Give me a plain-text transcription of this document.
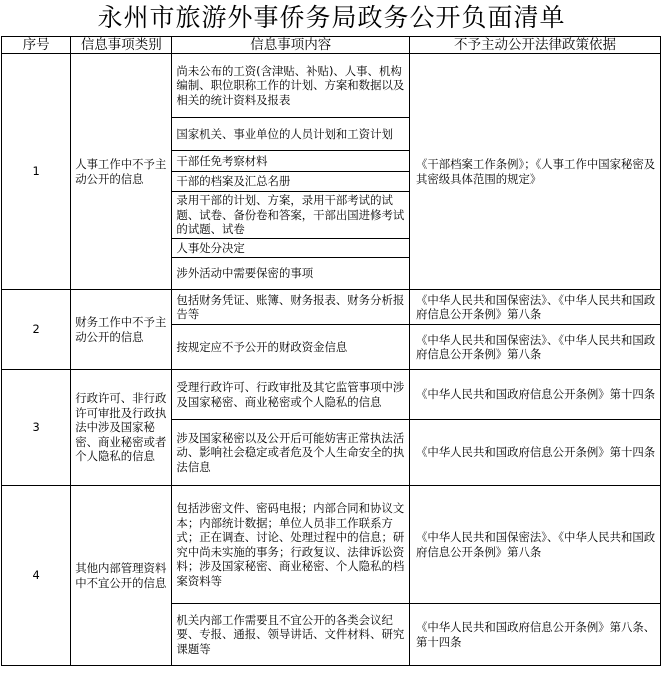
永州市旅游外事侨务局政务公开负面清单
序号	信息事项类别	信息事项内容	不予主动公开法律政策依据
1	人事工作中不予主动公开的信息	尚未公布的工资(含津贴、补贴)、人事、机构编制、职位职称工作的计划、方案和数据以及相关的统计资料及报表	《干部档案工作条例》；《人事工作中国家秘密及其密级具体范围的规定》
		国家机关、事业单位的人员计划和工资计划	
		干部任免考察材料	
		干部的档案及汇总名册	
		录用干部的计划、方案，录用干部考试的试题、试卷、备份卷和答案，干部出国进修考试的试题、试卷	
		人事处分决定	
		涉外活动中需要保密的事项	
2	财务工作中不予主动公开的信息	包括财务凭证、账簿、财务报表、财务分析报告等	《中华人民共和国保密法》、《中华人民共和国政府信息公开条例》第八条
		按规定应不予公开的财政资金信息	《中华人民共和国保密法》、《中华人民共和国政府信息公开条例》第八条
3	行政许可、非行政许可审批及行政执法中涉及国家秘密、商业秘密或者个人隐私的信息	受理行政许可、行政审批及其它监管事项中涉及国家秘密、商业秘密或个人隐私的信息	《中华人民共和国政府信息公开条例》第十四条
		涉及国家秘密以及公开后可能妨害正常执法活动、影响社会稳定或者危及个人生命安全的执法信息	《中华人民共和国政府信息公开条例》第十四条
4	其他内部管理资料中不宜公开的信息	包括涉密文件、密码电报；内部合同和协议文本；内部统计数据；单位人员非工作联系方式；正在调查、讨论、处理过程中的信息；研究中尚未实施的事务；行政复议、法律诉讼资料；涉及国家秘密、商业秘密、个人隐私的档案资料等	《中华人民共和国保密法》、《中华人民共和国政府信息公开条例》第八条
		机关内部工作需要且不宜公开的各类会议纪要、专报、通报、领导讲话、文件材料、研究课题等	《中华人民共和国政府信息公开条例》第八条、第十四条
